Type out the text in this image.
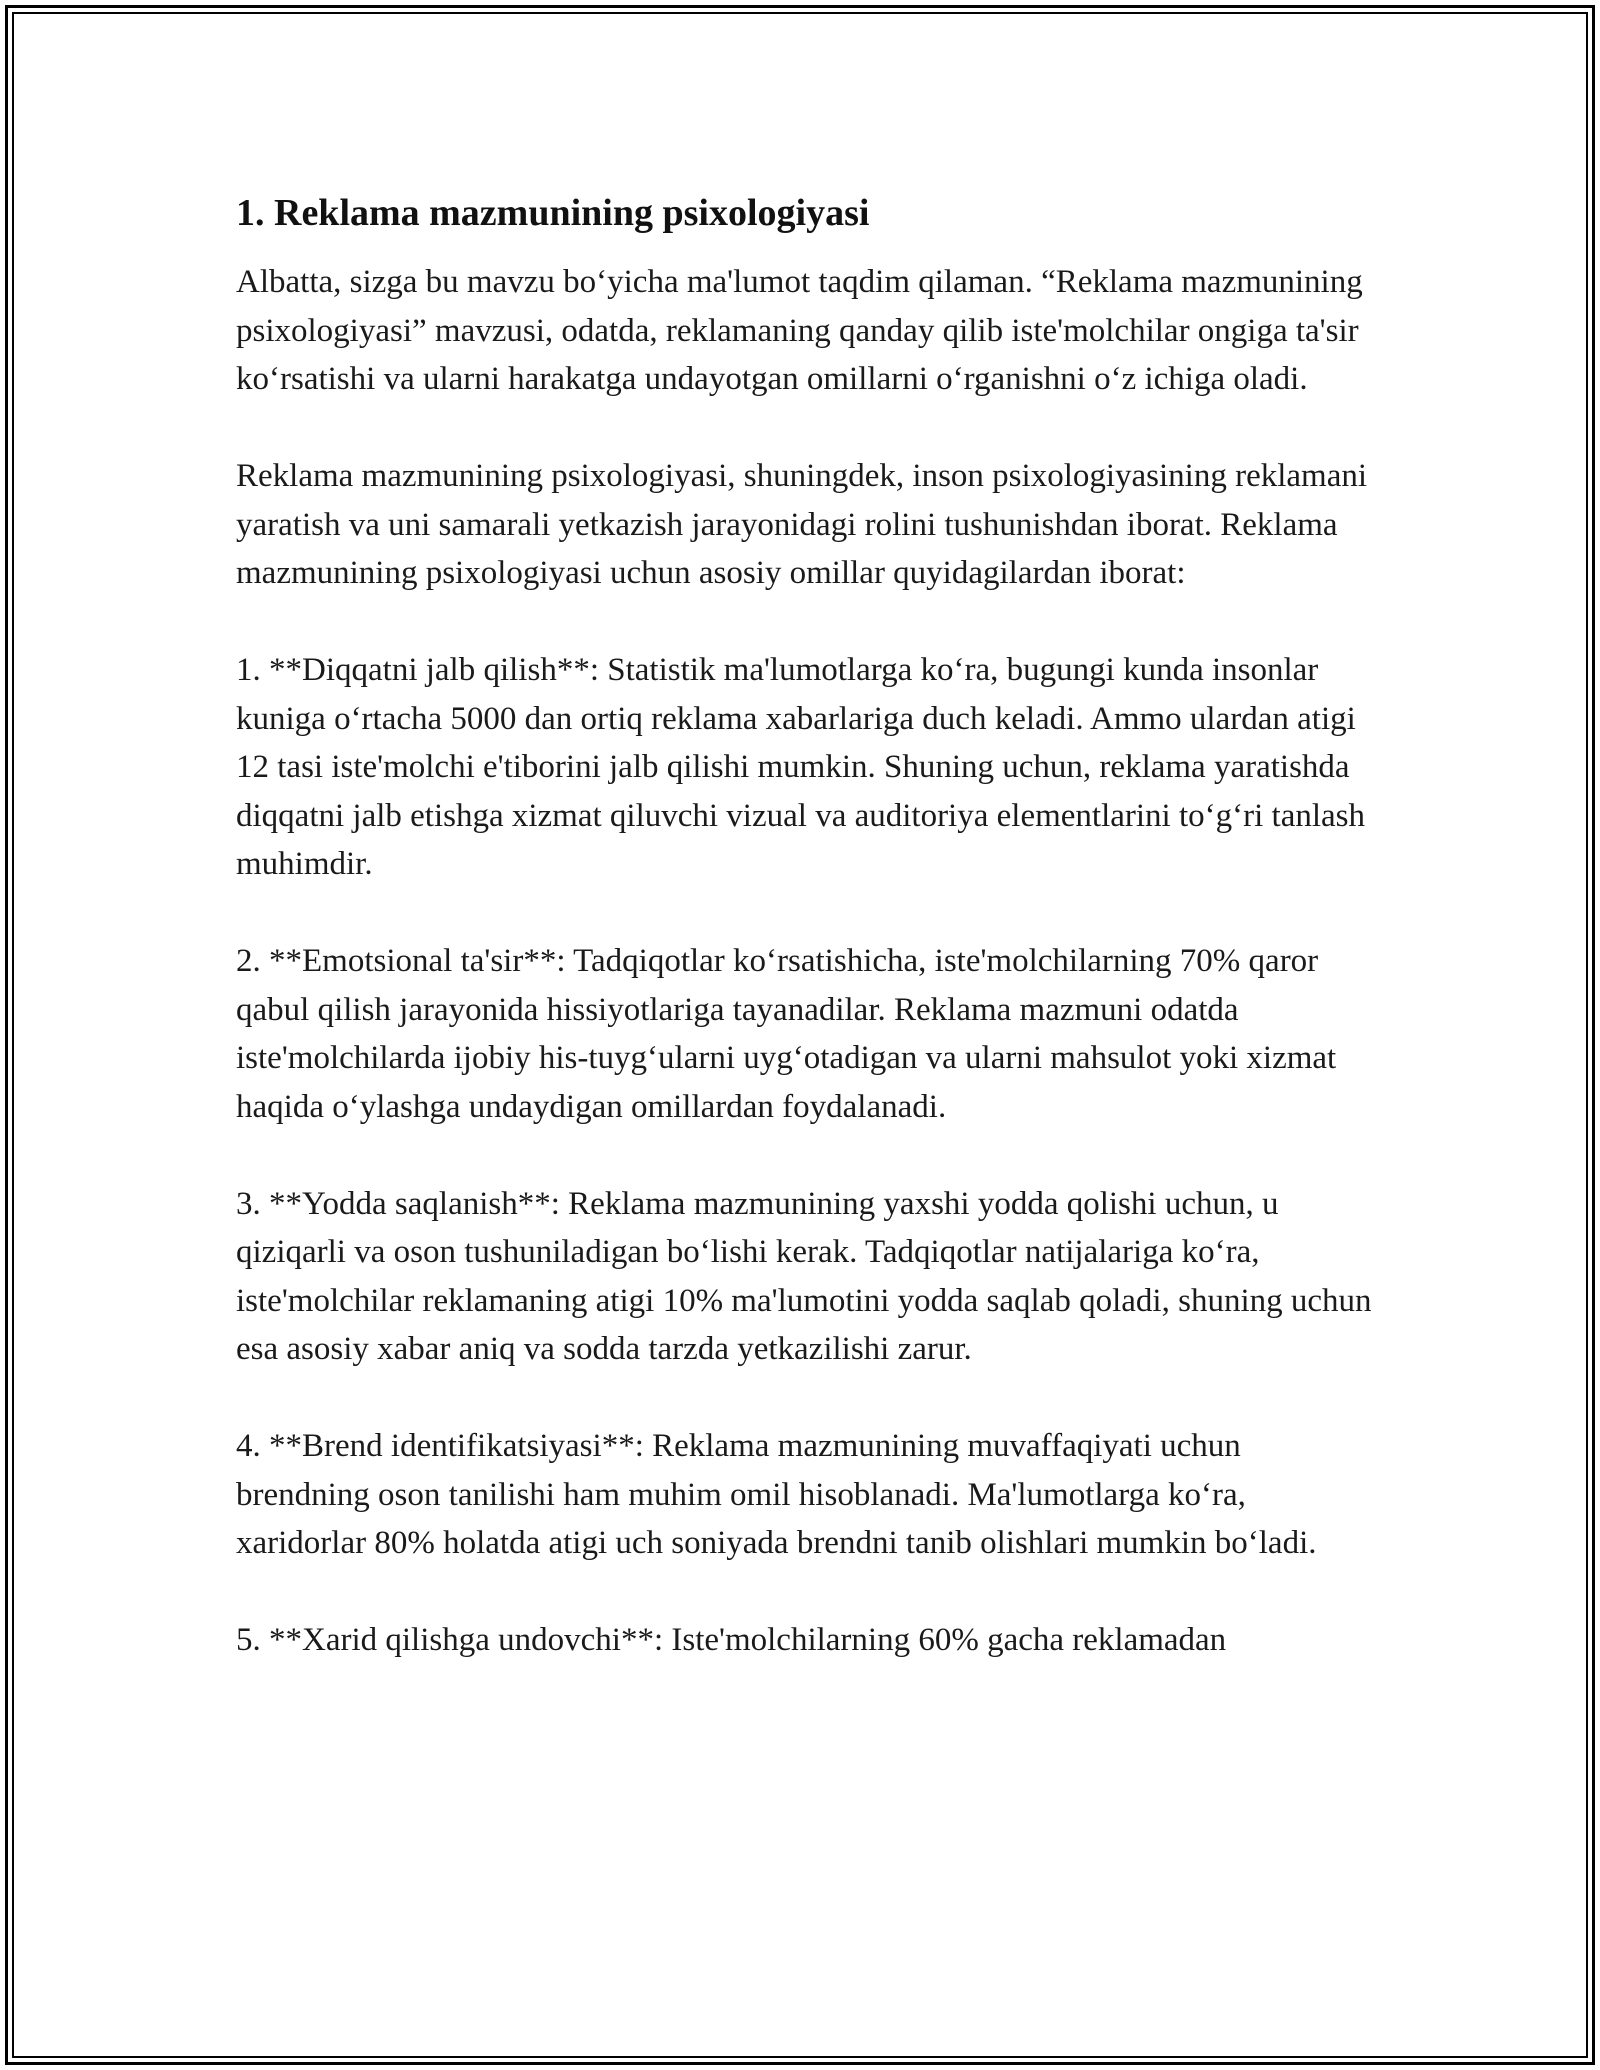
1. Reklama mazmunining psixologiyasi

Albatta, sizga bu mavzu bo‘yicha ma'lumot taqdim qilaman. “Reklama mazmunining psixologiyasi” mavzusi, odatda, reklamaning qanday qilib iste'molchilar ongiga ta'sir ko‘rsatishi va ularni harakatga undayotgan omillarni o‘rganishni o‘z ichiga oladi.

Reklama mazmunining psixologiyasi, shuningdek, inson psixologiyasining reklamani yaratish va uni samarali yetkazish jarayonidagi rolini tushunishdan iborat. Reklama mazmunining psixologiyasi uchun asosiy omillar quyidagilardan iborat:

1. **Diqqatni jalb qilish**: Statistik ma'lumotlarga ko‘ra, bugungi kunda insonlar kuniga o‘rtacha 5000 dan ortiq reklama xabarlariga duch keladi. Ammo ulardan atigi 12 tasi iste'molchi e'tiborini jalb qilishi mumkin. Shuning uchun, reklama yaratishda diqqatni jalb etishga xizmat qiluvchi vizual va auditoriya elementlarini to‘g‘ri tanlash muhimdir.

2. **Emotsional ta'sir**: Tadqiqotlar ko‘rsatishicha, iste'molchilarning 70% qaror qabul qilish jarayonida hissiyotlariga tayanadilar. Reklama mazmuni odatda iste'molchilarda ijobiy his-tuyg‘ularni uyg‘otadigan va ularni mahsulot yoki xizmat haqida o‘ylashga undaydigan omillardan foydalanadi.

3. **Yodda saqlanish**: Reklama mazmunining yaxshi yodda qolishi uchun, u qiziqarli va oson tushuniladigan bo‘lishi kerak. Tadqiqotlar natijalariga ko‘ra, iste'molchilar reklamaning atigi 10% ma'lumotini yodda saqlab qoladi, shuning uchun esa asosiy xabar aniq va sodda tarzda yetkazilishi zarur.

4. **Brend identifikatsiyasi**: Reklama mazmunining muvaffaqiyati uchun brendning oson tanilishi ham muhim omil hisoblanadi. Ma'lumotlarga ko‘ra, xaridorlar 80% holatda atigi uch soniyada brendni tanib olishlari mumkin bo‘ladi.

5. **Xarid qilishga undovchi**: Iste'molchilarning 60% gacha reklamadan
